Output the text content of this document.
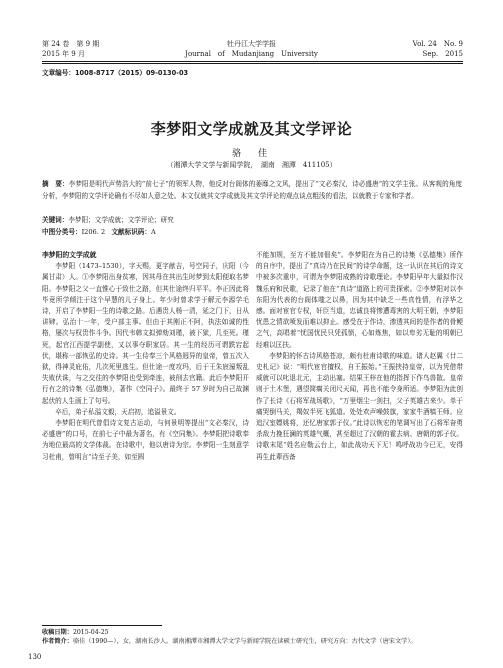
第 24 卷　第 9 期
2015 年 9 月
牡丹江大学学报
Journal　of　Mudanjiang　University
Vol. 24　No. 9
Sep.　2015
文章编号：1008-8717（2015）09-0130-03
李梦阳文学成就及其文学评论
骆　佳
（湘潭大学文学与新闻学院，　湖南　湘潭　411105）
摘　要：李梦阳是明代声势浩大的“前七子”的领军人物，他反对台阁体的萎靡之文风，提出了“文必秦汉，诗必盛唐”的文学主张。从客观的角度分析，李梦阳的文学评论确有不尽如人意之处。本文仅就其文学成就及其文学评论的观点谈点粗浅的看法，以就教于专家和学者。
关键词：李梦阳；文学成就；文学评论；研究
中图分类号：I206. 2 文献标识码：A
李梦阳的文学成就

李梦阳（1473–1530），字天赐，更字献吉，号空同子，庆阳（今属甘肃）人。①李梦阳出身贫寒，因其母在其出生时梦到太阳便取名梦阳。李梦阳之父一直惟心于致仕之路，但其仕途终归平平。李正因此将毕竟所学倾注于这个早慧的儿子身上。年少时曾求学于解元李源学毛诗，开启了李梦阳一生的诗歌之路。后遇贵人杨一清，延之门下，日从讲肄。弘治十一年，受户部主事。但由于其刚正不阿，执法如诚的性格，屡次与权贵作斗争。因代韦韩文拟弹劾刘瑾，被下狱，几至死。瑾死，起官江西提学副使，又以事夺职家居。其一生的经历可谓跌宕起伏，堪称一部恢弘的史诗。其一生侍奉三个风格迥异的皇帝，曾五次入狱，得神灵庇佑，几次死里逃生。但仕途一度攻玛，后于王朱宸濠叛乱失败伏诛，与之交往的李梦阳也受到牵连，被削去官籍。此后李梦阳开行有之的诗集《弘德集》，著作《空同子》。最终于 57 岁时为自己故渊起伏的人生画上了句号。

卒后，弟子私溢文毅，天启初，追溢景文。

李梦阳在明代曾倡诗文复古运动，与何景明等提出“文必秦汉，诗必盛唐”的口号，在前七子中最为著名，有《空同集》。李梦阳把诗歌奉为地位最高的文学体裁。在诗歌中，他以唐诗为宗。李梦阳一生刻意学习杜甫，曾明言“诗至子美，如至圆

不能加规，至方不能加佃矣”。李梦阳在为自己的诗集《弘德集》所作的自序中，提出了“真诗乃在民间”的诗学命题，这一认识在其后的诗文中被多次重申，可谓为李梦阳成熟的诗歌理论。李梦阳早年大量拟作汉魏乐府和民歌，记录了他在“真诗”道路上的可贵探索。②李梦阳对以李东阳为代表的台阁体嗤之以鼻，因为其中缺乏一些真性情，有浮华之感。面对宦官专权，奸臣当道，忠诚良将惨遭毒害的大明王朝，李梦阳忧患之情欲喷发而难以抑止。感受在于作诗，渗透其间的是作者的骨鲠之气，高唱着“忧国忧民只凭孤愤，心如炼焦，如以卑劣无耻的明朝已经难以匡扶。

李梦阳的怀古诗风格苍凉，颇有杜甫诗歌的味道。诸人赵翼《廿二史札记》说：“明代宦官擅权，自王振始。”王振挟持皇帝，以为凭借带威就可以叱退北元，主动出塞。结果王梓在他的指挥下作鸟兽散。皇帝则于土木堡，遇望简瘸关闭尺天闻，再也不能令身所适。李梦阳为此创作了长诗《石将军战场歌》，“万里烟尘一剑扫，父子英雄古来少。单于痛哭倒马关，羯奴半死飞狐道。处处欢声噪鼓旗，家家牛酒犒王师。应追汉室嫖姚将，还忆唐家郭子仪。”此诗以恢宏的笔调写出了石将军奋勇杀敌力挽狂澜的英雄气概，甚至超过了汉朝的霍去病、唐朝的郭子仪。诗歌末尾“姓名应勒云台上，如此战功天下无！鸣呼战功今已无，安得再生此辈西备

收稿日期：2015-04-25
作者简介：骆佳（1990—），女，湖南长沙人。湖南湘潭市湘潭大学文学与新闻学院在读硕士研究生，研究方向：古代文学（唐宋文学）。
130
